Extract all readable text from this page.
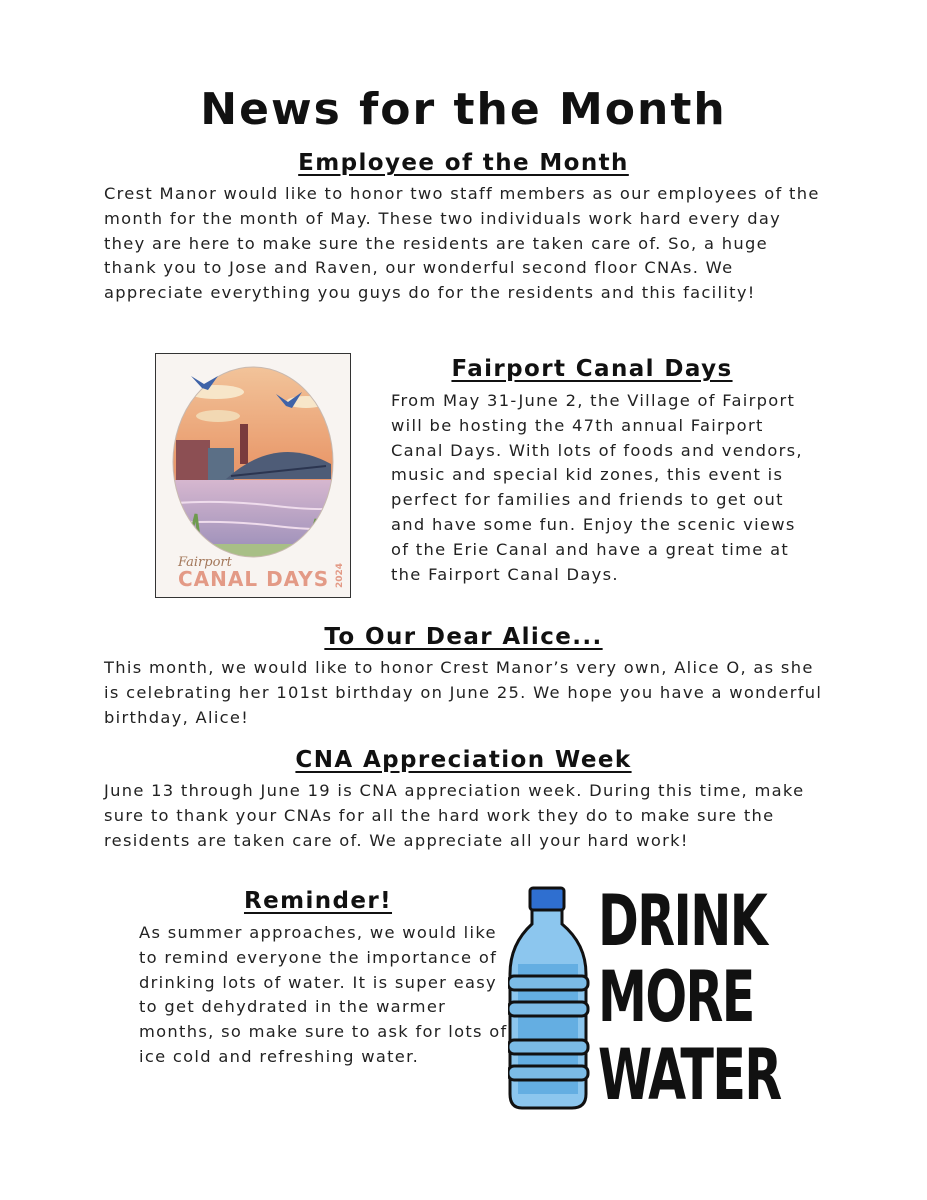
News for the Month
Employee of the Month
Crest Manor would like to honor two staff members as our employees of the month for the month of May. These two individuals work hard every day they are here to make sure the residents are taken care of. So, a huge thank you to Jose and Raven, our wonderful second floor CNAs. We appreciate everything you guys do for the residents and this facility!
Fairport
CANAL DAYS 2024
Fairport Canal Days
From May 31-June 2, the Village of Fairport will be hosting the 47th annual Fairport Canal Days. With lots of foods and vendors, music and special kid zones, this event is perfect for families and friends to get out and have some fun. Enjoy the scenic views of the Erie Canal and have a great time at the Fairport Canal Days.
To Our Dear Alice...
This month, we would like to honor Crest Manor’s very own, Alice O, as she is celebrating her 101st birthday on June 25. We hope you have a wonderful birthday, Alice!
CNA Appreciation Week
June 13 through June 19 is CNA appreciation week. During this time, make sure to thank your CNAs for all the hard work they do to make sure the residents are taken care of. We appreciate all your hard work!
Reminder!
As summer approaches, we would like to remind everyone the importance of drinking lots of water. It is super easy to get dehydrated in the warmer months, so make sure to ask for lots of ice cold and refreshing water.
DRINK
MORE
WATER
